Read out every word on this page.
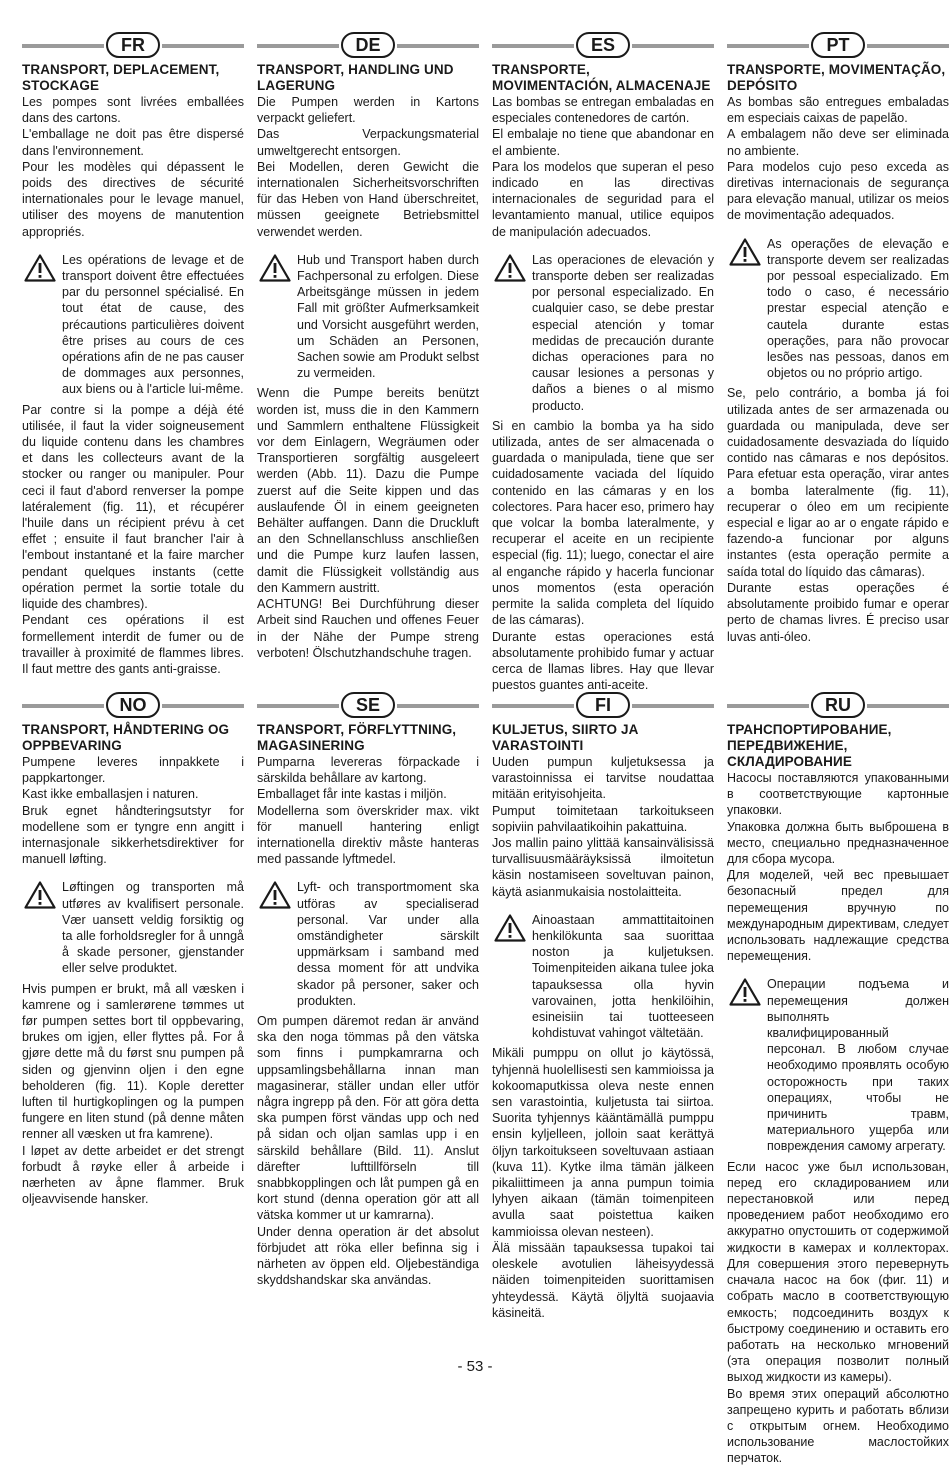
FR
TRANSPORT, DEPLACEMENT, STOCKAGE

Les pompes sont livrées emballées dans des cartons.

L'emballage ne doit pas être dispersé dans l'environnement.

Pour les modèles qui dépassent le poids des directives de sécurité internationales pour le levage manuel, utiliser des moyens de manutention appropriés.

Les opérations de levage et de transport doivent être effectuées par du personnel spécialisé. En tout état de cause, des précautions particulières doivent être prises au cours de ces opérations afin de ne pas causer de dommages aux personnes, aux biens ou à l'article lui-même.

Par contre si la pompe a déjà été utilisée, il faut la vider soigneusement du liquide contenu dans les chambres et dans les collecteurs avant de la stocker ou ranger ou manipuler. Pour ceci il faut d'abord renverser la pompe latéralement (fig. 11), et récupérer l'huile dans un récipient prévu à cet effet ; ensuite il faut brancher l'air à l'embout instantané et la faire marcher pendant quelques instants (cette opération permet la sortie totale du liquide des chambres).

Pendant ces opérations il est formellement interdit de fumer ou de travailler à proximité de flammes libres. Il faut mettre des gants anti-graisse.

DE
TRANSPORT, HANDLING UND LAGERUNG

Die Pumpen werden in Kartons verpackt geliefert.

Das Verpackungsmaterial umweltgerecht entsorgen.

Bei Modellen, deren Gewicht die internationalen Sicherheitsvorschriften für das Heben von Hand überschreitet, müssen geeignete Betriebsmittel verwendet werden.

Hub und Transport haben durch Fachpersonal zu erfolgen. Diese Arbeitsgänge müssen in jedem Fall mit größter Aufmerksamkeit und Vorsicht ausgeführt werden, um Schäden an Personen, Sachen sowie am Produkt selbst zu vermeiden.

Wenn die Pumpe bereits benützt worden ist, muss die in den Kammern und Sammlern enthaltene Flüssigkeit vor dem Einlagern, Wegräumen oder Transportieren sorgfältig ausgeleert werden (Abb. 11). Dazu die Pumpe zuerst auf die Seite kippen und das auslaufende Öl in einem geeigneten Behälter auffangen. Dann die Druckluft an den Schnellanschluss anschließen und die Pumpe kurz laufen lassen, damit die Flüssigkeit vollständig aus den Kammern austritt.

ACHTUNG! Bei Durchführung dieser Arbeit sind Rauchen und offenes Feuer in der Nähe der Pumpe streng verboten! Ölschutzhandschuhe tragen.

ES
TRANSPORTE, MOVIMENTACIÓN, ALMACENAJE

Las bombas se entregan embaladas en especiales contenedores de cartón.

El embalaje no tiene que abandonar en el ambiente.

Para los modelos que superan el peso indicado en las directivas internacionales de seguridad para el levantamiento manual, utilice equipos de manipulación adecuados.

Las operaciones de elevación y transporte deben ser realizadas por personal especializado. En cualquier caso, se debe prestar especial atención y tomar medidas de precaución durante dichas operaciones para no causar lesiones a personas y daños a bienes o al mismo producto.

Si en cambio la bomba ya ha sido utilizada, antes de ser almacenada o guardada o manipulada, tiene que ser cuidadosamente vaciada del líquido contenido en las cámaras y en los colectores. Para hacer eso, primero hay que volcar la bomba lateralmente, y recuperar el aceite en un recipiente especial (fig. 11); luego, conectar el aire al enganche rápido y hacerla funcionar unos momentos (esta operación permite la salida completa del líquido de las cámaras).

Durante estas operaciones está absolutamente prohibido fumar y actuar cerca de llamas libres. Hay que llevar puestos guantes anti-aceite.

PT
TRANSPORTE, MOVIMENTAÇÃO, DEPÓSITO

As bombas são entregues embaladas em especiais caixas de papelão.

A embalagem não deve ser eliminada no ambiente.

Para modelos cujo peso exceda as diretivas internacionais de segurança para elevação manual, utilizar os meios de movimentação adequados.

As operações de elevação e transporte devem ser realizadas por pessoal especializado. Em todo o caso, é necessário prestar especial atenção e cautela durante estas operações, para não provocar lesões nas pessoas, danos em objetos ou no próprio artigo.

Se, pelo contrário, a bomba já foi utilizada antes de ser armazenada ou guardada ou manipulada, deve ser cuidadosamente desvaziada do líquido contido nas câmaras e nos depósitos. Para efetuar esta operação, virar antes a bomba lateralmente (fig. 11), recuperar o óleo em um recipiente especial e ligar ao ar o engate rápido e fazendo-a funcionar por alguns instantes (esta operação permite a saída total do líquido das câmaras).

Durante estas operações é absolutamente proibido fumar e operar perto de chamas livres. É preciso usar luvas anti-óleo.

NO
TRANSPORT, HÅNDTERING OG OPPBEVARING

Pumpene leveres innpakkete i pappkartonger.

Kast ikke emballasjen i naturen.

Bruk egnet håndteringsutstyr for modellene som er tyngre enn angitt i internasjonale sikkerhetsdirektiver for manuell løfting.

Løftingen og transporten må utføres av kvalifisert personale. Vær uansett veldig forsiktig og ta alle forholdsregler for å unngå å skade personer, gjenstander eller selve produktet.

Hvis pumpen er brukt, må all væsken i kamrene og i samlerørene tømmes ut før pumpen settes bort til oppbevaring, brukes om igjen, eller flyttes på. For å gjøre dette må du først snu pumpen på siden og gjenvinn oljen i den egne beholderen (fig. 11). Kople deretter luften til hurtigkoplingen og la pumpen fungere en liten stund (på denne måten renner all væsken ut fra kamrene).

I løpet av dette arbeidet er det strengt forbudt å røyke eller å arbeide i nærheten av åpne flammer. Bruk oljeavvisende hansker.

SE
TRANSPORT, FÖRFLYTTNING, MAGASINERING

Pumparna levereras förpackade i särskilda behållare av kartong.

Emballaget får inte kastas i miljön.

Modellerna som överskrider max. vikt för manuell hantering enligt internationella direktiv måste hanteras med passande lyftmedel.

Lyft- och transportmoment ska utföras av specialiserad personal. Var under alla omständigheter särskilt uppmärksam i samband med dessa moment för att undvika skador på personer, saker och produkten.

Om pumpen däremot redan är använd ska den noga tömmas på den vätska som finns i pumpkamrarna och uppsamlingsbehållarna innan man magasinerar, ställer undan eller utför några ingrepp på den. För att göra detta ska pumpen först vändas upp och ned på sidan och oljan samlas upp i en särskild behållare (Bild. 11). Anslut därefter lufttillförseln till snabbkopplingen och låt pumpen gå en kort stund (denna operation gör att all vätska kommer ut ur kamrarna).

Under denna operation är det absolut förbjudet att röka eller befinna sig i närheten av öppen eld. Oljebeständiga skyddshandskar ska användas.

FI
KULJETUS, SIIRTO JA VARASTOINTI

Uuden pumpun kuljetuksessa ja varastoinnissa ei tarvitse noudattaa mitään erityisohjeita.

Pumput toimitetaan tarkoitukseen sopiviin pahvilaatikoihin pakattuina.

Jos mallin paino ylittää kansainvälisissä turvallisuusmääräyksissä ilmoitetun käsin nostamiseen soveltuvan painon, käytä asianmukaisia nostolaitteita.

Ainoastaan ammattitaitoinen henkilökunta saa suorittaa noston ja kuljetuksen. Toimenpiteiden aikana tulee joka tapauksessa olla hyvin varovainen, jotta henkilöihin, esineisiin tai tuotteeseen kohdistuvat vahingot vältetään.

Mikäli pumppu on ollut jo käytössä, tyhjennä huolellisesti sen kammioissa ja kokoomaputkissa oleva neste ennen sen varastointia, kuljetusta tai siirtoa. Suorita tyhjennys kääntämällä pumppu ensin kyljelleen, jolloin saat kerättyä öljyn tarkoitukseen soveltuvaan astiaan (kuva 11). Kytke ilma tämän jälkeen pikaliittimeen ja anna pumpun toimia lyhyen aikaan (tämän toimenpiteen avulla saat poistettua kaiken kammioissa olevan nesteen).

Älä missään tapauksessa tupakoi tai oleskele avotulien läheisyydessä näiden toimenpiteiden suorittamisen yhteydessä. Käytä öljyltä suojaavia käsineitä.

RU
ТРАНСПОРТИРОВАНИЕ, ПЕРЕДВИЖЕНИЕ, СКЛАДИРОВАНИЕ

Насосы поставляются упакованными в соответствующие картонные упаковки.

Упаковка должна быть выброшена в место, специально предназначенное для сбора мусора.

Для моделей, чей вес превышает безопасный предел для перемещения вручную по международным директивам, следует использовать надлежащие средства перемещения.

Операции подъема и перемещения должен выполнять квалифицированный персонал. В любом случае необходимо проявлять особую осторожность при таких операциях, чтобы не причинить травм, материального ущерба или повреждения самому агрегату.

Если насос уже был использован, перед его складированием или перестановкой или перед проведением работ необходимо его аккуратно опустошить от содержимой жидкости в камерах и коллекторах. Для совершения этого перевернуть сначала насос на бок (фиг. 11) и собрать масло в соответствующую емкость; подсоединить воздух к быстрому соединению и оставить его работать на несколько мгновений (эта операция позволит полный выход жидкости из камеры).

Во время этих операций абсолютно запрещено курить и работать вблизи с открытым огнем. Необходимо использование маслостойких перчаток.

- 53 -
